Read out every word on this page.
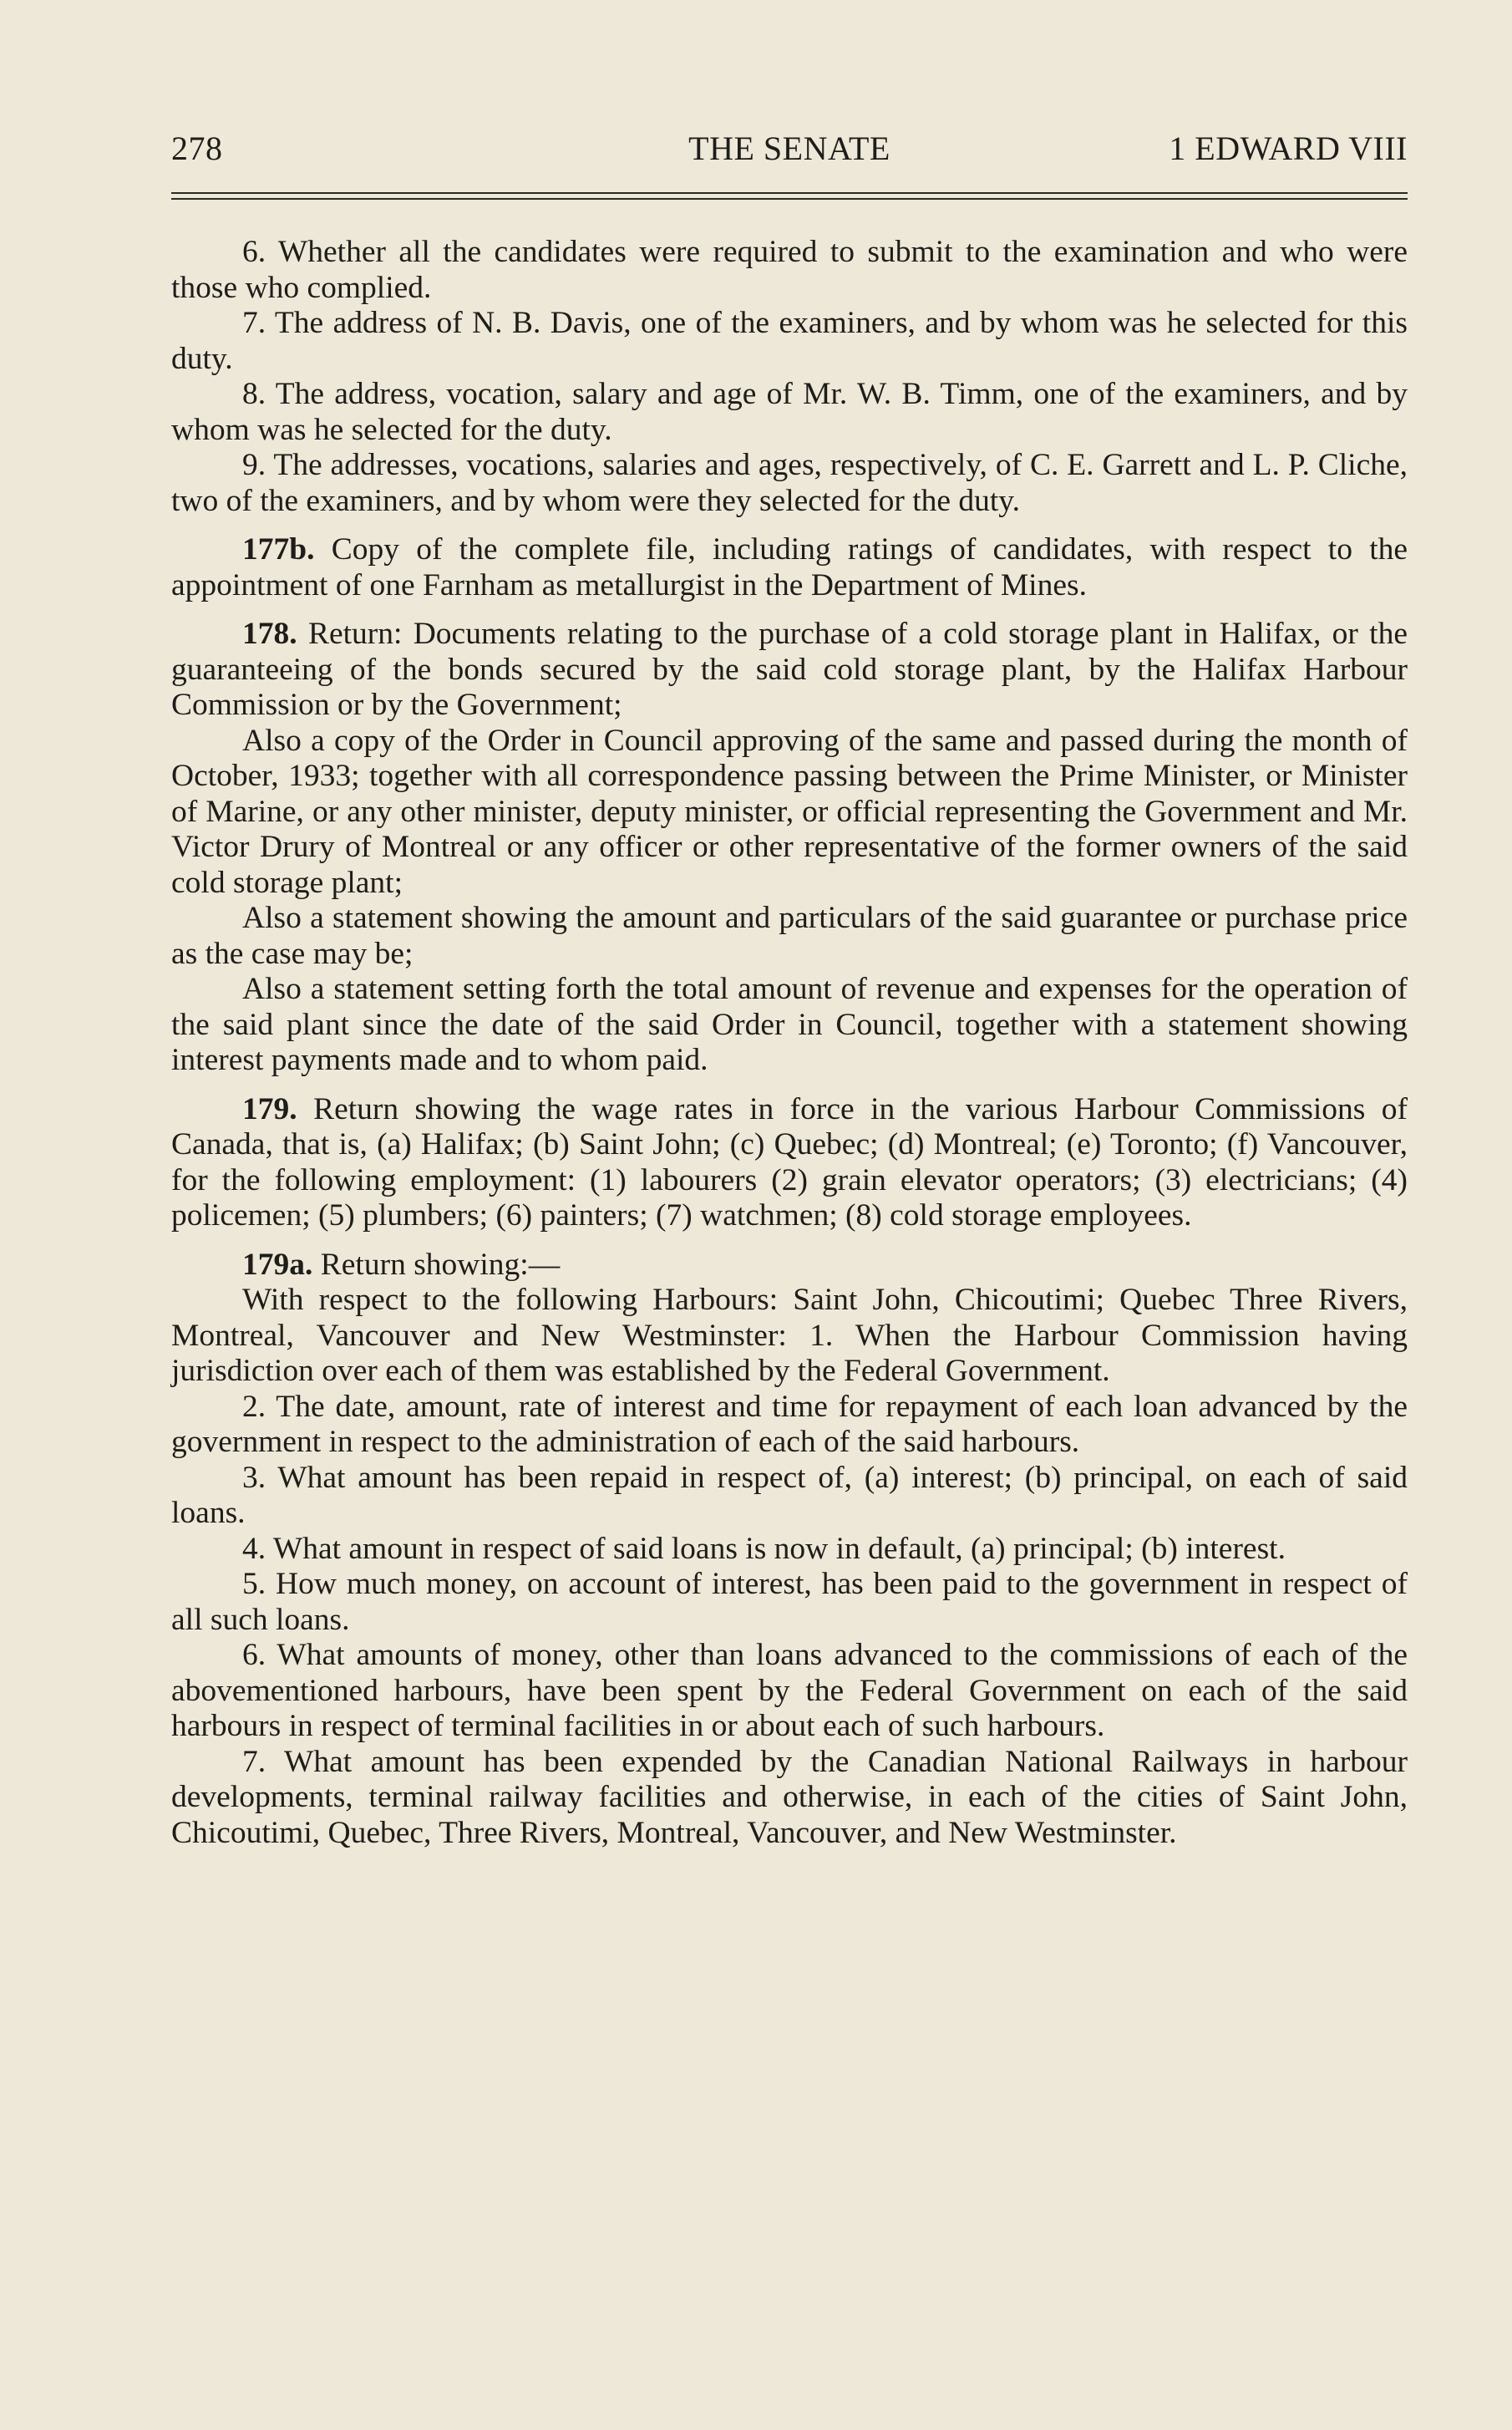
278	THE SENATE	1 EDWARD VIII

6. Whether all the candidates were required to submit to the examination and who were those who complied.

7. The address of N. B. Davis, one of the examiners, and by whom was he selected for this duty.

8. The address, vocation, salary and age of Mr. W. B. Timm, one of the examiners, and by whom was he selected for the duty.

9. The addresses, vocations, salaries and ages, respectively, of C. E. Garrett and L. P. Cliche, two of the examiners, and by whom were they selected for the duty.

177b. Copy of the complete file, including ratings of candidates, with respect to the appointment of one Farnham as metallurgist in the Department of Mines.

178. Return: Documents relating to the purchase of a cold storage plant in Halifax, or the guaranteeing of the bonds secured by the said cold storage plant, by the Halifax Harbour Commission or by the Government;

Also a copy of the Order in Council approving of the same and passed during the month of October, 1933; together with all correspondence passing between the Prime Minister, or Minister of Marine, or any other minister, deputy minister, or official representing the Government and Mr. Victor Drury of Montreal or any officer or other representative of the former owners of the said cold storage plant;

Also a statement showing the amount and particulars of the said guarantee or purchase price as the case may be;

Also a statement setting forth the total amount of revenue and expenses for the operation of the said plant since the date of the said Order in Council, together with a statement showing interest payments made and to whom paid.

179. Return showing the wage rates in force in the various Harbour Commissions of Canada, that is, (a) Halifax; (b) Saint John; (c) Quebec; (d) Montreal; (e) Toronto; (f) Vancouver, for the following employment: (1) labourers (2) grain elevator operators; (3) electricians; (4) policemen; (5) plumbers; (6) painters; (7) watchmen; (8) cold storage employees.

179a. Return showing:—

With respect to the following Harbours: Saint John, Chicoutimi; Quebec Three Rivers, Montreal, Vancouver and New Westminster: 1. When the Harbour Commission having jurisdiction over each of them was established by the Federal Government.

2. The date, amount, rate of interest and time for repayment of each loan advanced by the government in respect to the administration of each of the said harbours.

3. What amount has been repaid in respect of, (a) interest; (b) principal, on each of said loans.

4. What amount in respect of said loans is now in default, (a) principal; (b) interest.

5. How much money, on account of interest, has been paid to the government in respect of all such loans.

6. What amounts of money, other than loans advanced to the commissions of each of the abovementioned harbours, have been spent by the Federal Government on each of the said harbours in respect of terminal facilities in or about each of such harbours.

7. What amount has been expended by the Canadian National Railways in harbour developments, terminal railway facilities and otherwise, in each of the cities of Saint John, Chicoutimi, Quebec, Three Rivers, Montreal, Vancouver, and New Westminster.
